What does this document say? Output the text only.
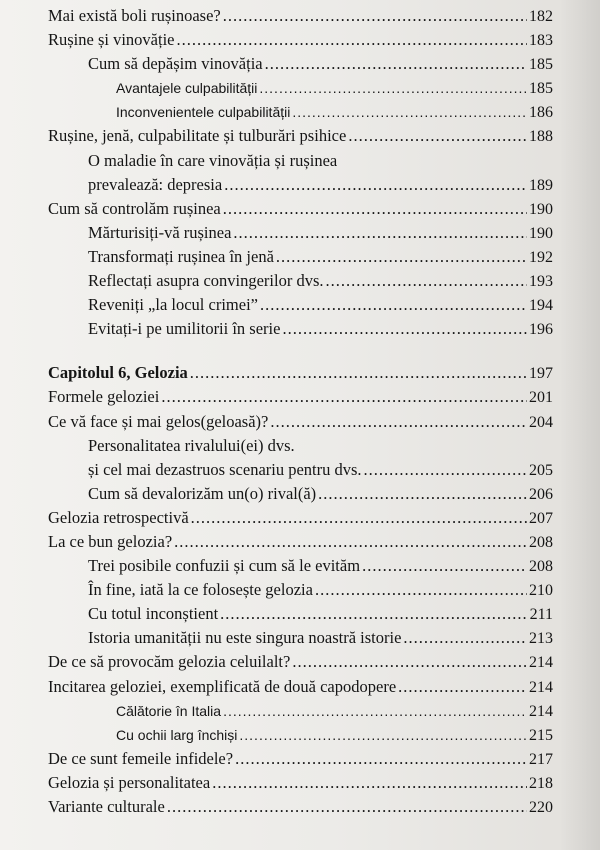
Mai există boli rușinoase? .....	182
Rușine și vinovăție .....	183
Cum să depășim vinovăția .....	185
Avantajele culpabilității .....	185
Inconvenientele culpabilității .....	186
Rușine, jenă, culpabilitate și tulburări psihice .....	188
O maladie în care vinovăția și rușinea
prevalează: depresia .....	189
Cum să controlăm rușinea .....	190
Mărturisiți-vă rușinea .....	190
Transformați rușinea în jenă .....	192
Reflectați asupra convingerilor dvs. .....	193
Reveniți „la locul crimei” .....	194
Evitați-i pe umilitorii în serie .....	196
Capitolul 6, Gelozia .....	197
Formele geloziei .....	201
Ce vă face și mai gelos(geloasă)? .....	204
Personalitatea rivalului(ei) dvs.
și cel mai dezastruos scenariu pentru dvs. .....	205
Cum să devalorizăm un(o) rival(ă) .....	206
Gelozia retrospectivă .....	207
La ce bun gelozia? .....	208
Trei posibile confuzii și cum să le evităm .....	208
În fine, iată la ce folosește gelozia .....	210
Cu totul inconștient .....	211
Istoria umanității nu este singura noastră istorie .....	213
De ce să provocăm gelozia celuilalt? .....	214
Incitarea geloziei, exemplificată de două capodopere .....	214
Călătorie în Italia .....	214
Cu ochii larg închiși .....	215
De ce sunt femeile infidele? .....	217
Gelozia și personalitatea .....	218
Variante culturale .....	220
